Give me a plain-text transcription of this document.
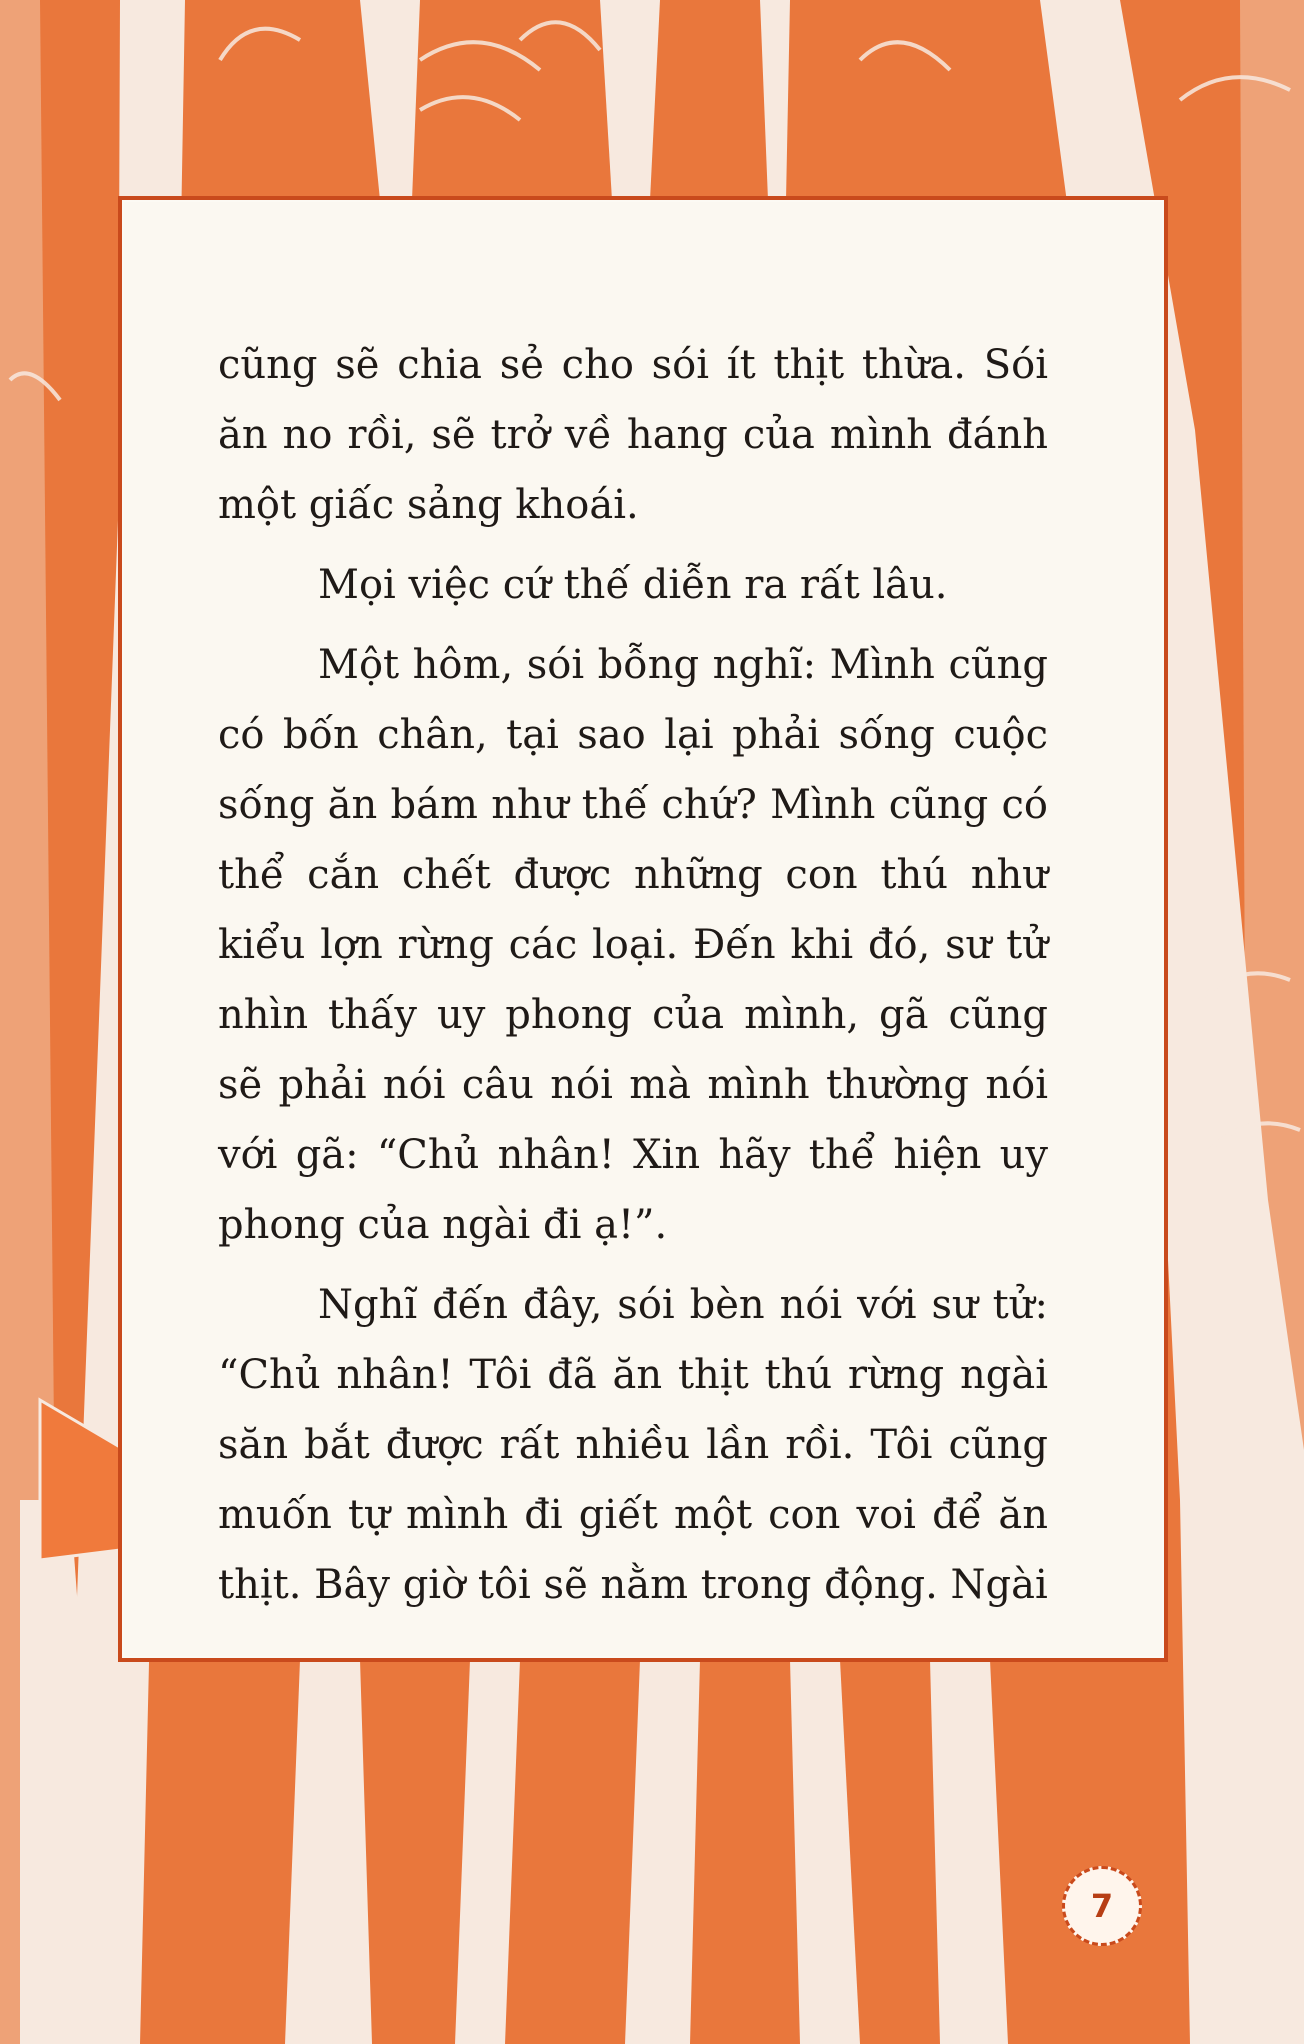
cũng sẽ chia sẻ cho sói ít thịt thừa. Sói ăn no rồi, sẽ trở về hang của mình đánh một giấc sảng khoái.

Mọi việc cứ thế diễn ra rất lâu.

Một hôm, sói bỗng nghĩ: Mình cũng có bốn chân, tại sao lại phải sống cuộc sống ăn bám như thế chứ? Mình cũng có thể cắn chết được những con thú như kiểu lợn rừng các loại. Đến khi đó, sư tử nhìn thấy uy phong của mình, gã cũng sẽ phải nói câu nói mà mình thường nói với gã: “Chủ nhân! Xin hãy thể hiện uy phong của ngài đi ạ!”.

Nghĩ đến đây, sói bèn nói với sư tử: “Chủ nhân! Tôi đã ăn thịt thú rừng ngài săn bắt được rất nhiều lần rồi. Tôi cũng muốn tự mình đi giết một con voi để ăn thịt. Bây giờ tôi sẽ nằm trong động. Ngài

7
